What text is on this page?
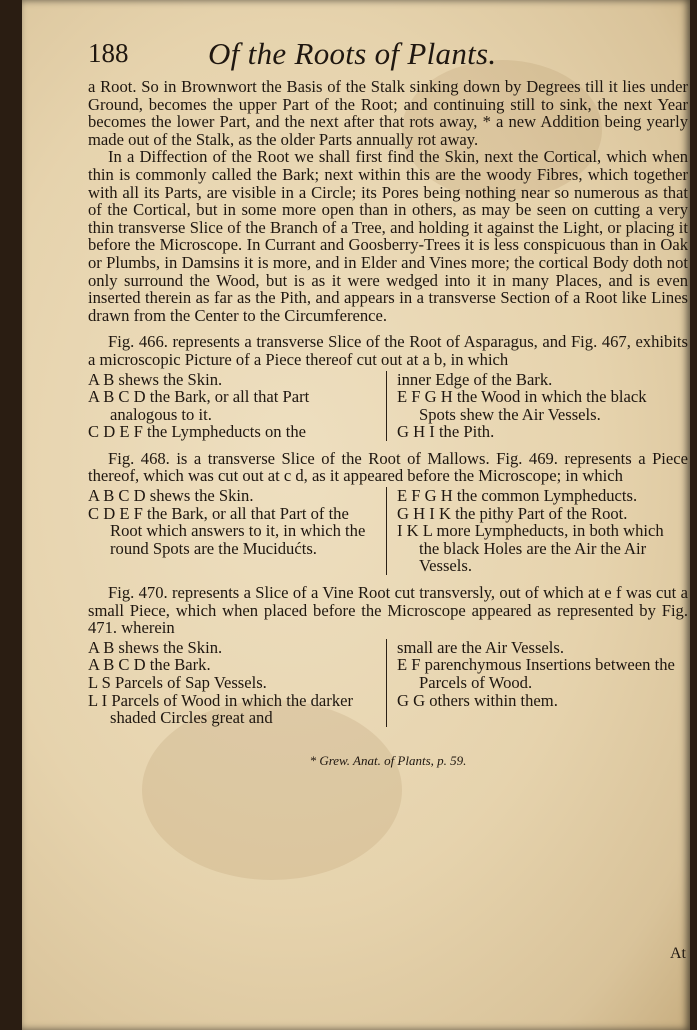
188	Of the Roots of Plants.

a Root. So in Brownwort the Basis of the Stalk sinking down by Degrees till it lies under Ground, becomes the upper Part of the Root; and continuing still to sink, the next Year becomes the lower Part, and the next after that rots away, * a new Addition being yearly made out of the Stalk, as the older Parts annually rot away.

In a Diffection of the Root we shall first find the Skin, next the Cortical, which when thin is commonly called the Bark; next within this are the woody Fibres, which together with all its Parts, are visible in a Circle; its Pores being nothing near so numerous as that of the Cortical, but in some more open than in others, as may be seen on cutting a very thin transverse Slice of the Branch of a Tree, and holding it against the Light, or placing it before the Microscope. In Currant and Goosberry-Trees it is less conspicuous than in Oak or Plumbs, in Damsins it is more, and in Elder and Vines more; the cortical Body doth not only surround the Wood, but is as it were wedged into it in many Places, and is even inserted therein as far as the Pith, and appears in a transverse Section of a Root like Lines drawn from the Center to the Circumference.

Fig. 466. represents a transverse Slice of the Root of Asparagus, and Fig. 467, exhibits a microscopic Picture of a Piece thereof cut out at a b, in which

A B shews the Skin.
A B C D the Bark, or all that Part analogous to it.
C D E F the Lympheducts on the
inner Edge of the Bark.
E F G H the Wood in which the black Spots shew the Air Vessels.
G H I the Pith.

Fig. 468. is a transverse Slice of the Root of Mallows. Fig. 469. represents a Piece thereof, which was cut out at c d, as it appeared before the Microscope; in which

A B C D shews the Skin.
C D E F the Bark, or all that Part of the Root which answers to it, in which the round Spots are the Mucidućts.
E F G H the common Lympheducts.
G H I K the pithy Part of the Root.
I K L more Lympheducts, in both which the black Holes are the Air the Air Vessels.

Fig. 470. represents a Slice of a Vine Root cut transversly, out of which at e f was cut a small Piece, which when placed before the Microscope appeared as represented by Fig. 471. wherein

A B shews the Skin.
A B C D the Bark.
L S Parcels of Sap Vessels.
L I Parcels of Wood in which the darker shaded Circles great and
small are the Air Vessels.
E F parenchymous Insertions between the Parcels of Wood.
G G others within them.
* Grew. Anat. of Plants, p. 59.
At
